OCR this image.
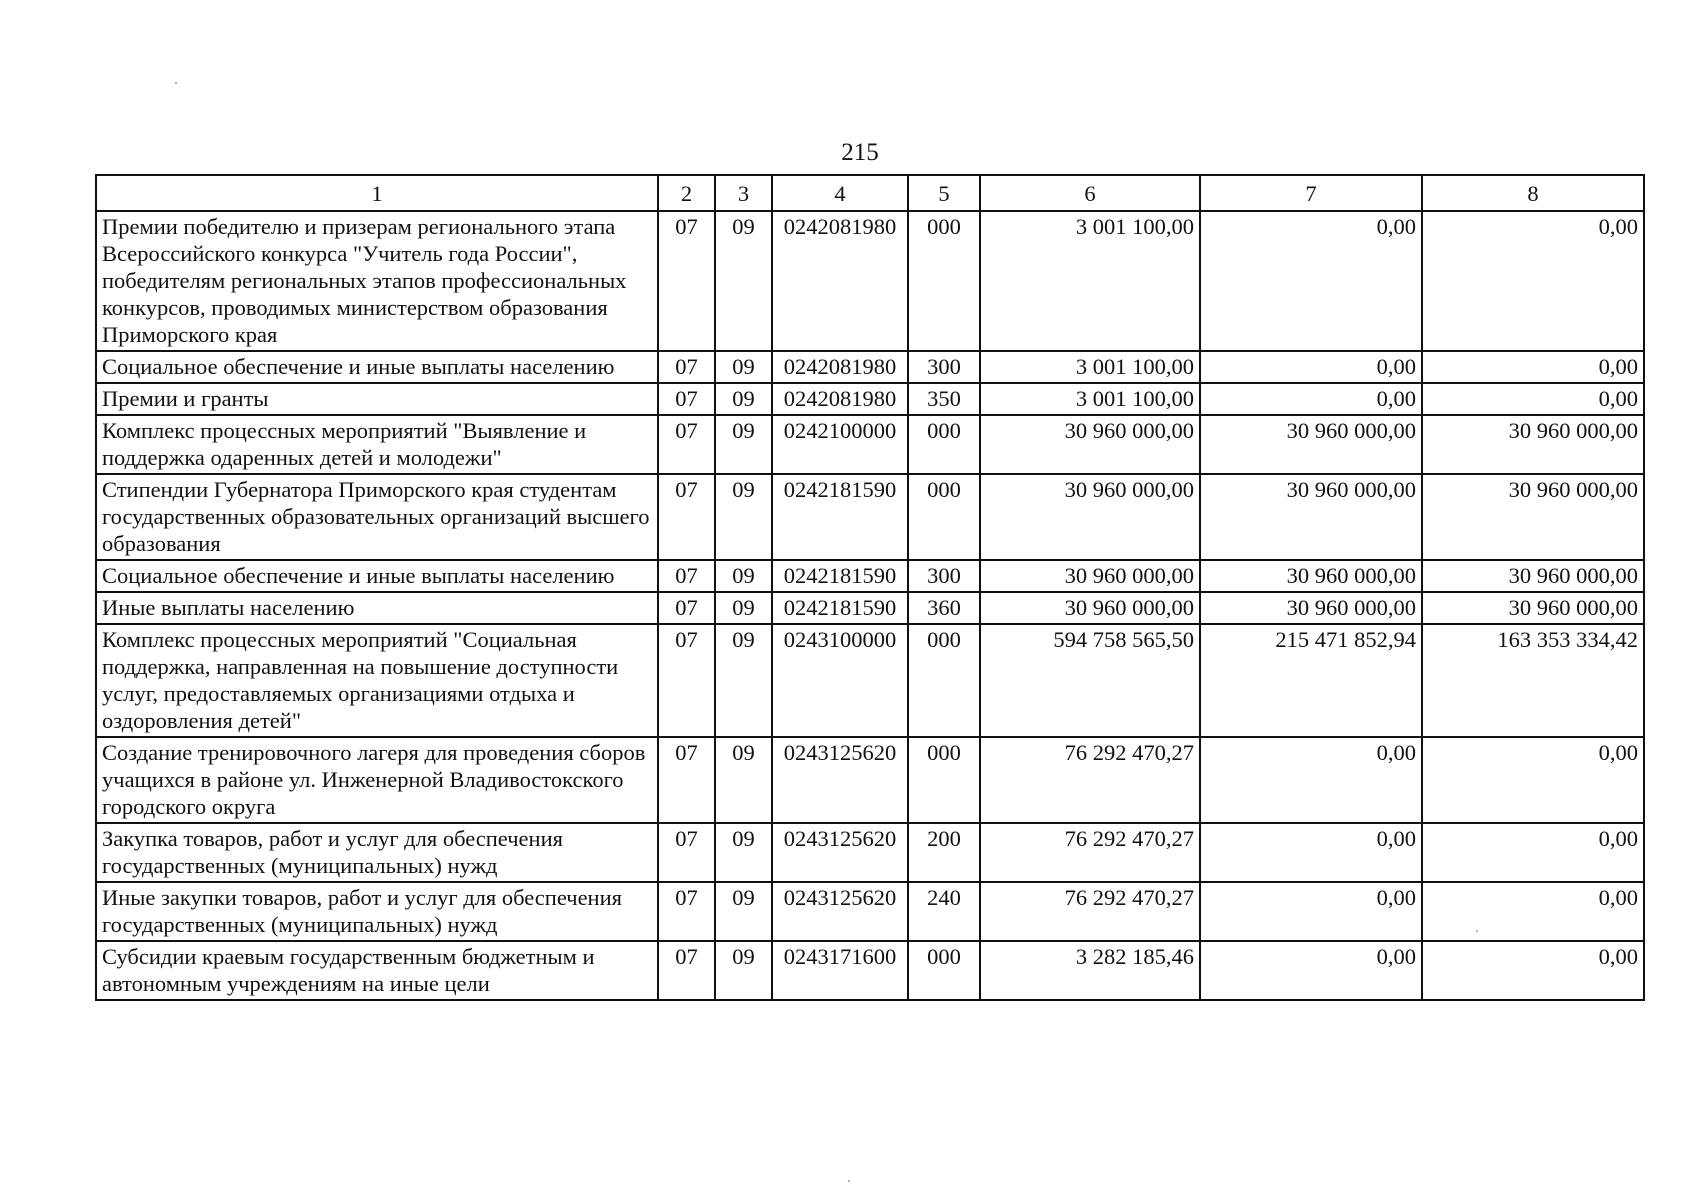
215
1	2	3	4	5	6	7	8
Премии победителю и призерам регионального этапа Всероссийского конкурса "Учитель года России", победителям региональных этапов профессиональных конкурсов, проводимых министерством образования Приморского края	07	09	0242081980	000	3 001 100,00	0,00	0,00
Социальное обеспечение и иные выплаты населению	07	09	0242081980	300	3 001 100,00	0,00	0,00
Премии и гранты	07	09	0242081980	350	3 001 100,00	0,00	0,00
Комплекс процессных мероприятий "Выявление и поддержка одаренных детей и молодежи"	07	09	0242100000	000	30 960 000,00	30 960 000,00	30 960 000,00
Стипендии Губернатора Приморского края студентам государственных образовательных организаций высшего образования	07	09	0242181590	000	30 960 000,00	30 960 000,00	30 960 000,00
Социальное обеспечение и иные выплаты населению	07	09	0242181590	300	30 960 000,00	30 960 000,00	30 960 000,00
Иные выплаты населению	07	09	0242181590	360	30 960 000,00	30 960 000,00	30 960 000,00
Комплекс процессных мероприятий "Социальная поддержка, направленная на повышение доступности услуг, предоставляемых организациями отдыха и оздоровления детей"	07	09	0243100000	000	594 758 565,50	215 471 852,94	163 353 334,42
Создание тренировочного лагеря для проведения сборов учащихся в районе ул. Инженерной Владивостокского городского округа	07	09	0243125620	000	76 292 470,27	0,00	0,00
Закупка товаров, работ и услуг для обеспечения государственных (муниципальных) нужд	07	09	0243125620	200	76 292 470,27	0,00	0,00
Иные закупки товаров, работ и услуг для обеспечения государственных (муниципальных) нужд	07	09	0243125620	240	76 292 470,27	0,00	0,00
Субсидии краевым государственным бюджетным и автономным учреждениям на иные цели	07	09	0243171600	000	3 282 185,46	0,00	0,00
